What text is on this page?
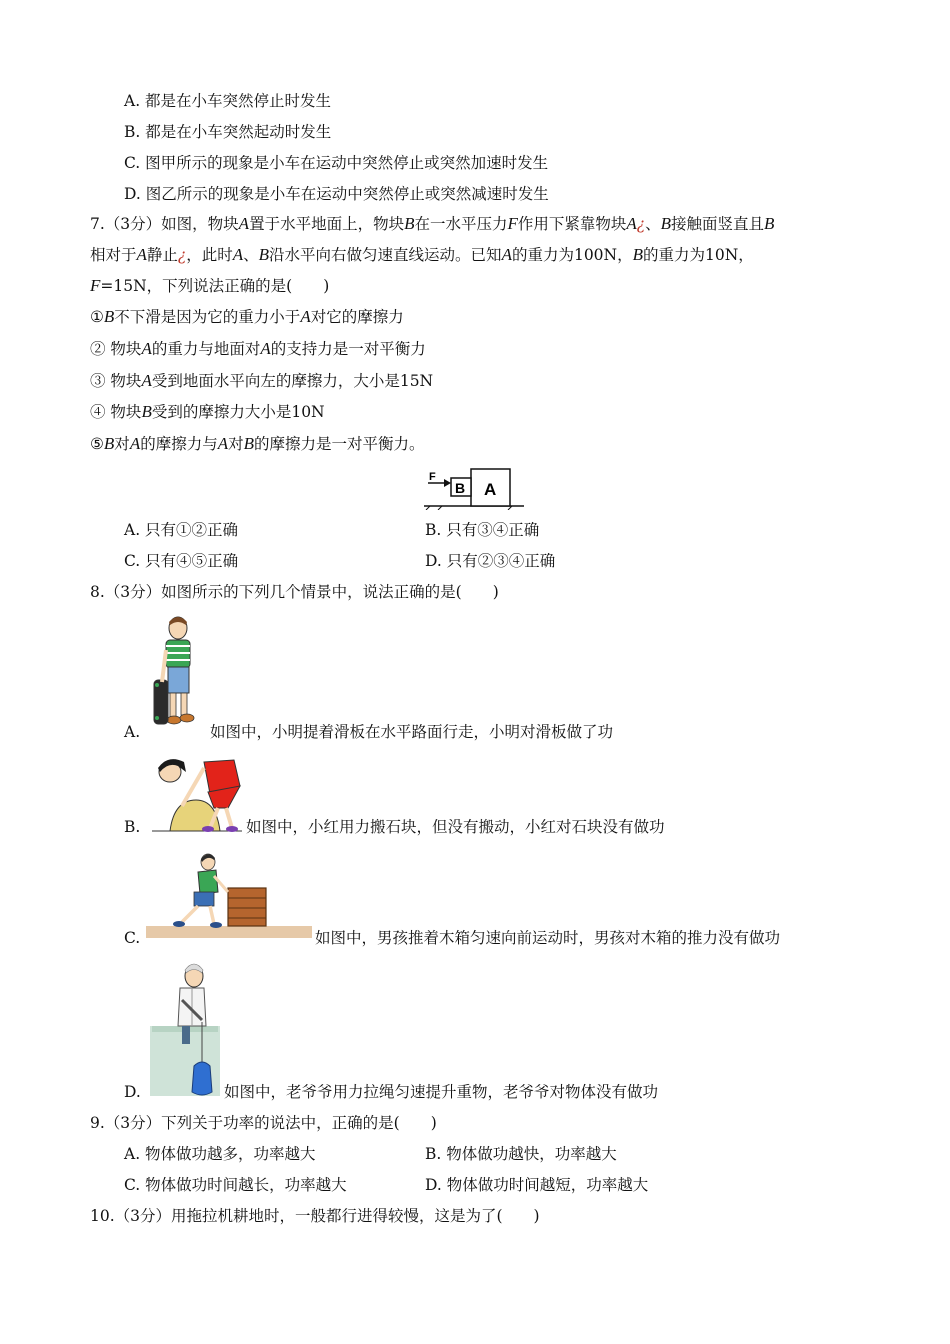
A. 都是在小车突然停止时发生
B. 都是在小车突然起动时发生
C. 图甲所示的现象是小车在运动中突然停止或突然加速时发生
D. 图乙所示的现象是小车在运动中突然停止或突然减速时发生
7.（3分）如图，物块A置于水平地面上，物块B在一水平压力F作用下紧靠物块A¿、B接触面竖直且B
相对于A静止¿，此时A、B沿水平向右做匀速直线运动。已知A的重力为100N，B的重力为10N，
F=15N，下列说法正确的是(　　)
①B不下滑是因为它的重力小于A对它的摩擦力
② 物块A的重力与地面对A的支持力是一对平衡力
③ 物块A受到地面水平向左的摩擦力，大小是15N
④ 物块B受到的摩擦力大小是10N
⑤B对A的摩擦力与A对B的摩擦力是一对平衡力。
F
B A
A. 只有①②正确	B. 只有③④正确
C. 只有④⑤正确	D. 只有②③④正确
8.（3分）如图所示的下列几个情景中，说法正确的是(　　)
A.	如图中，小明提着滑板在水平路面行走，小明对滑板做了功
B.	如图中，小红用力搬石块，但没有搬动，小红对石块没有做功
C.	如图中，男孩推着木箱匀速向前运动时，男孩对木箱的推力没有做功
D.	如图中，老爷爷用力拉绳匀速提升重物，老爷爷对物体没有做功
9.（3分）下列关于功率的说法中，正确的是(　　)
A. 物体做功越多，功率越大	B. 物体做功越快，功率越大
C. 物体做功时间越长，功率越大	D. 物体做功时间越短，功率越大
10.（3分）用拖拉机耕地时，一般都行进得较慢，这是为了(　　)
